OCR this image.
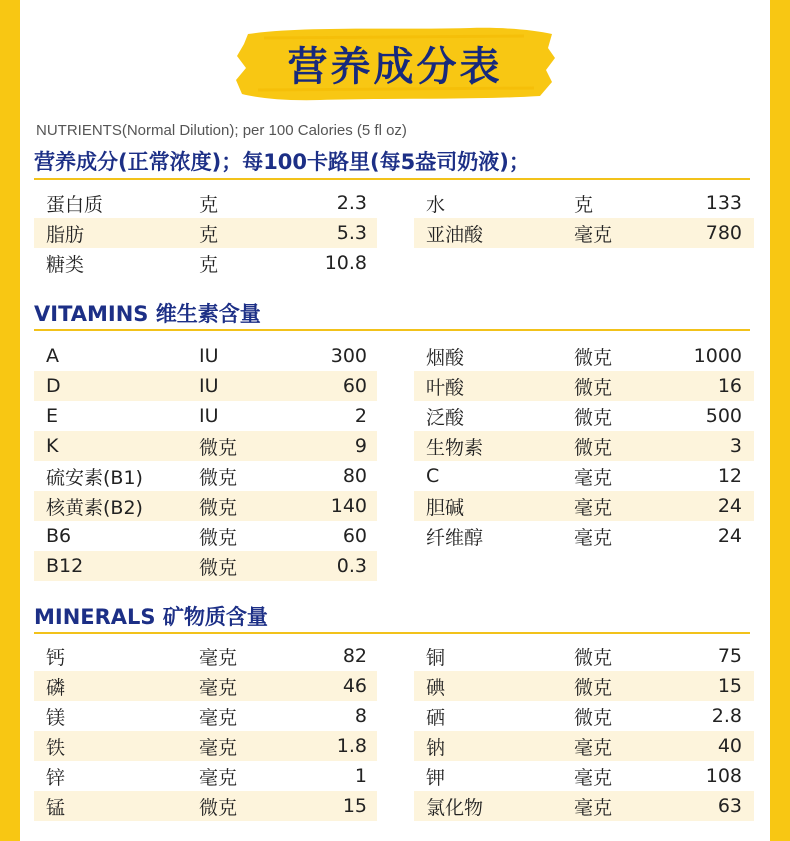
营养成分表
NUTRIENTS(Normal Dilution); per 100 Calories (5 fl oz)
营养成分(正常浓度)；每100卡路里(每5盎司奶液)；
蛋白质	克	2.3
脂肪	克	5.3
糖类	克	10.8
水	克	133
亚油酸	毫克	780
VITAMINS 维生素含量
A	IU	300
D	IU	60
E	IU	2
K	微克	9
硫安素(B1)	微克	80
核黄素(B2)	微克	140
B6	微克	60
B12	微克	0.3
烟酸	微克	1000
叶酸	微克	16
泛酸	微克	500
生物素	微克	3
C	毫克	12
胆碱	毫克	24
纤维醇	毫克	24
MINERALS 矿物质含量
钙	毫克	82
磷	毫克	46
镁	毫克	8
铁	毫克	1.8
锌	毫克	1
锰	微克	15
铜	微克	75
碘	微克	15
硒	微克	2.8
钠	毫克	40
钾	毫克	108
氯化物	毫克	63
